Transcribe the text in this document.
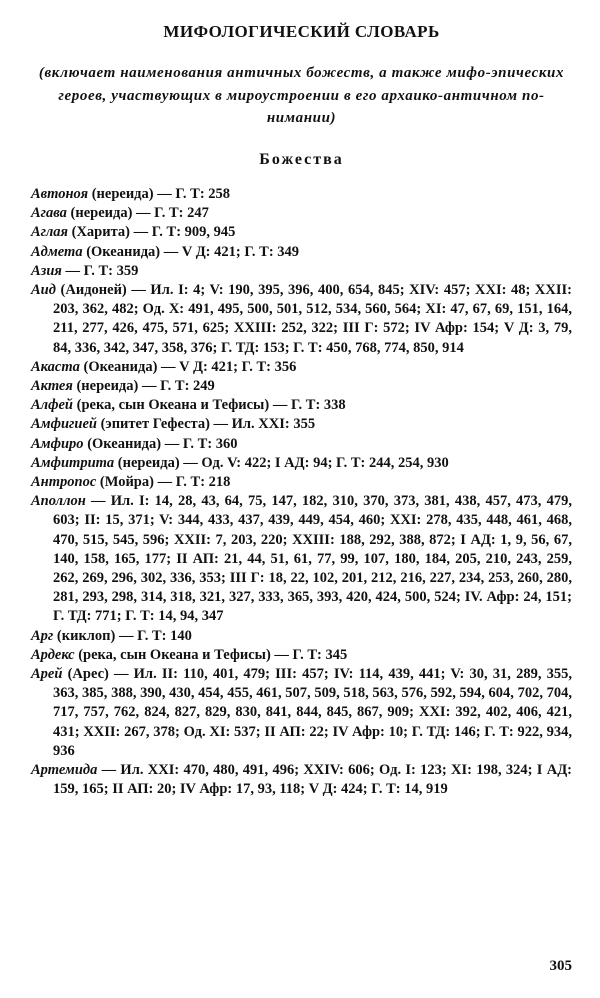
МИФОЛОГИЧЕСКИЙ СЛОВАРЬ
(включает наименования античных божеств, а также мифо-эпических
героев, участвующих в мироустроении в его архаико-античном по-
нимании)
Божества

Автоноя (нереида) — Г. Т: 258

Агава (нереида) — Г. Т: 247

Аглая (Харита) — Г. Т: 909, 945

Адмета (Океанида) — V Д: 421; Г. Т: 349

Азия — Г. Т: 359

Аид (Аидоней) — Ил. I: 4; V: 190, 395, 396, 400, 654, 845; XIV: 457; XXI: 48; XXII: 203, 362, 482; Од. X: 491, 495, 500, 501, 512, 534, 560, 564; XI: 47, 67, 69, 151, 164, 211, 277, 426, 475, 571, 625; XXIII: 252, 322; III Г: 572; IV Афр: 154; V Д: 3, 79, 84, 336, 342, 347, 358, 376; Г. ТД: 153; Г. Т: 450, 768, 774, 850, 914

Акаста (Океанида) — V Д: 421; Г. Т: 356

Актея (нереида) — Г. Т: 249

Алфей (река, сын Океана и Тефисы) — Г. Т: 338

Амфигией (эпитет Гефеста) — Ил. XXI: 355

Амфиро (Океанида) — Г. Т: 360

Амфитрита (нереида) — Од. V: 422; I АД: 94; Г. Т: 244, 254, 930

Антропос (Мойра) — Г. Т: 218

Аполлон — Ил. I: 14, 28, 43, 64, 75, 147, 182, 310, 370, 373, 381, 438, 457, 473, 479, 603; II: 15, 371; V: 344, 433, 437, 439, 449, 454, 460; XXI: 278, 435, 448, 461, 468, 470, 515, 545, 596; XXII: 7, 203, 220; XXIII: 188, 292, 388, 872; I АД: 1, 9, 56, 67, 140, 158, 165, 177; II АП: 21, 44, 51, 61, 77, 99, 107, 180, 184, 205, 210, 243, 259, 262, 269, 296, 302, 336, 353; III Г: 18, 22, 102, 201, 212, 216, 227, 234, 253, 260, 280, 281, 293, 298, 314, 318, 321, 327, 333, 365, 393, 420, 424, 500, 524; IV. Афр: 24, 151; Г. ТД: 771; Г. Т: 14, 94, 347

Арг (киклоп) — Г. Т: 140

Ардекс (река, сын Океана и Тефисы) — Г. Т: 345

Арей (Арес) — Ил. II: 110, 401, 479; III: 457; IV: 114, 439, 441; V: 30, 31, 289, 355, 363, 385, 388, 390, 430, 454, 455, 461, 507, 509, 518, 563, 576, 592, 594, 604, 702, 704, 717, 757, 762, 824, 827, 829, 830, 841, 844, 845, 867, 909; XXI: 392, 402, 406, 421, 431; XXII: 267, 378; Од. XI: 537; II АП: 22; IV Афр: 10; Г. ТД: 146; Г. Т: 922, 934, 936

Артемида — Ил. XXI: 470, 480, 491, 496; XXIV: 606; Од. I: 123; XI: 198, 324; I АД: 159, 165; II АП: 20; IV Афр: 17, 93, 118; V Д: 424; Г. Т: 14, 919

305
